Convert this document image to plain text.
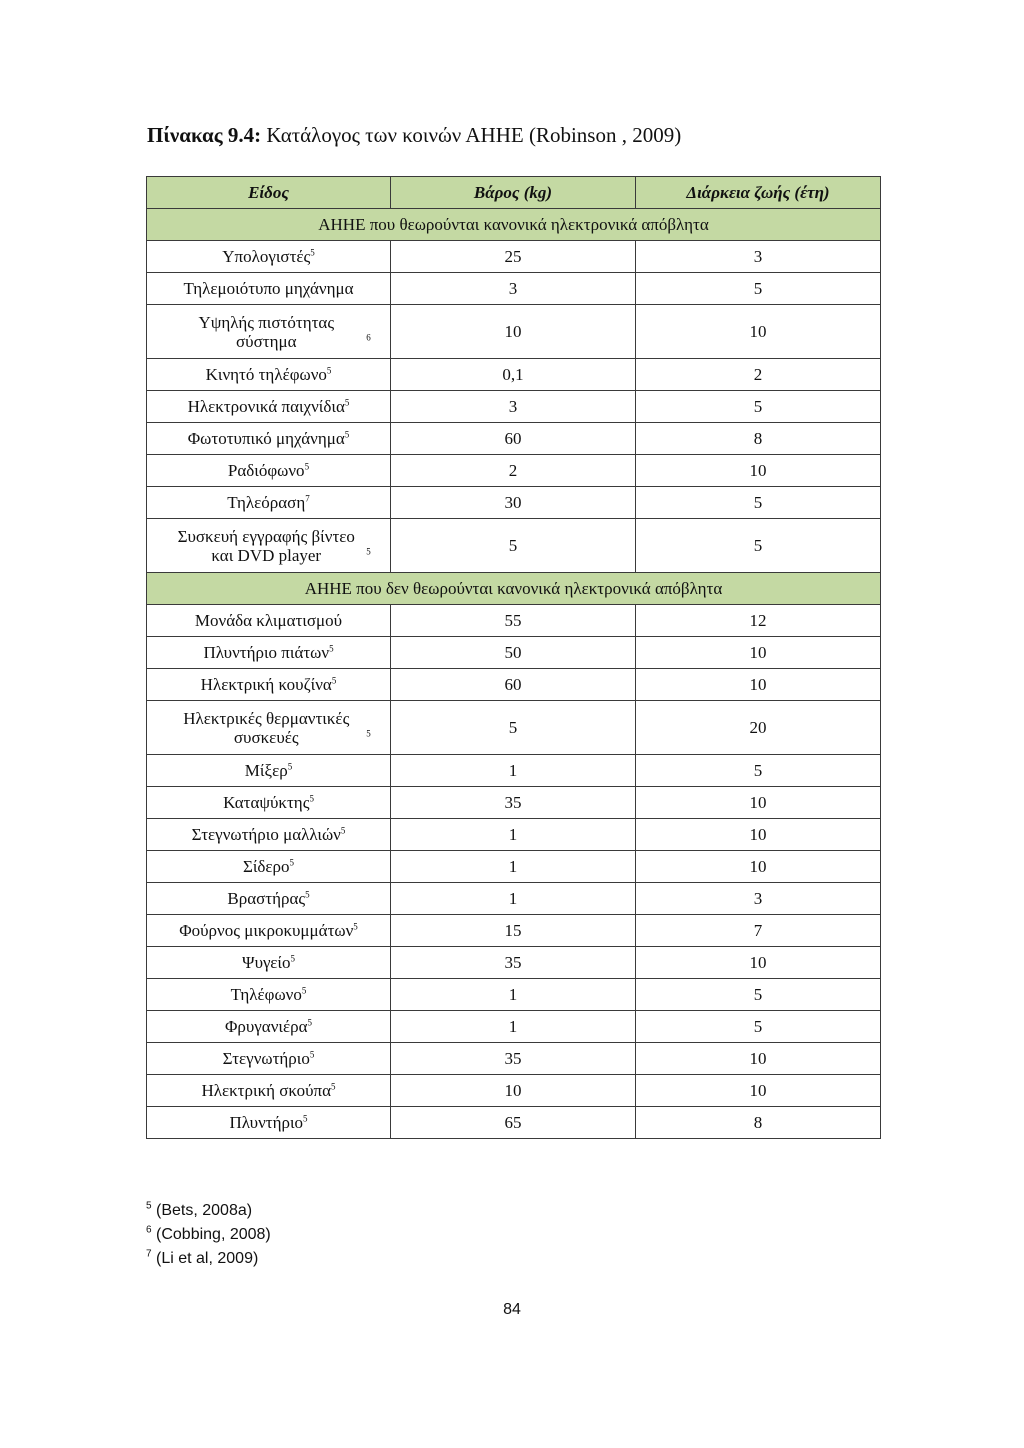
Πίνακας 9.4: Κατάλογος των κοινών ΑΗΗΕ (Robinson , 2009)
Είδος	Βάρος (kg)	Διάρκεια ζωής (έτη)
ΑΗΗΕ που θεωρούνται κανονικά ηλεκτρονικά απόβλητα		
Υπολογιστές$^5$	25	3
Τηλεμοιότυπο μηχάνημα	3	5
Υψηλής πιστότητας σύστημα $^6$	10	10
Κινητό τηλέφωνο$^5$	0,1	2
Ηλεκτρονικά παιχνίδια$^5$	3	5
Φωτοτυπικό μηχάνημα$^5$	60	8
Ραδιόφωνο$^5$	2	10
Τηλεόραση$^7$	30	5
Συσκευή εγγραφής βίντεο και DVD player $^5$	5	5
ΑΗΗΕ που δεν θεωρούνται κανονικά ηλεκτρονικά απόβλητα		
Μονάδα κλιματισμού	55	12
Πλυντήριο πιάτων$^5$	50	10
Ηλεκτρική κουζίνα$^5$	60	10
Ηλεκτρικές θερμαντικές συσκευές $^5$	5	20
Μίξερ$^5$	1	5
Καταψύκτης$^5$	35	10
Στεγνωτήριο μαλλιών$^5$	1	10
Σίδερο$^5$	1	10
Βραστήρας$^5$	1	3
Φούρνος μικροκυμμάτων$^5$	15	7
Ψυγείο$^5$	35	10
Τηλέφωνο$^5$	1	5
Φρυγανιέρα$^5$	1	5
Στεγνωτήριο$^5$	35	10
Ηλεκτρική σκούπα$^5$	10	10
Πλυντήριο$^5$	65	8
$^5$ (Bets, 2008a)
$^6$ (Cobbing, 2008)
$^7$ (Li et al, 2009)
84
